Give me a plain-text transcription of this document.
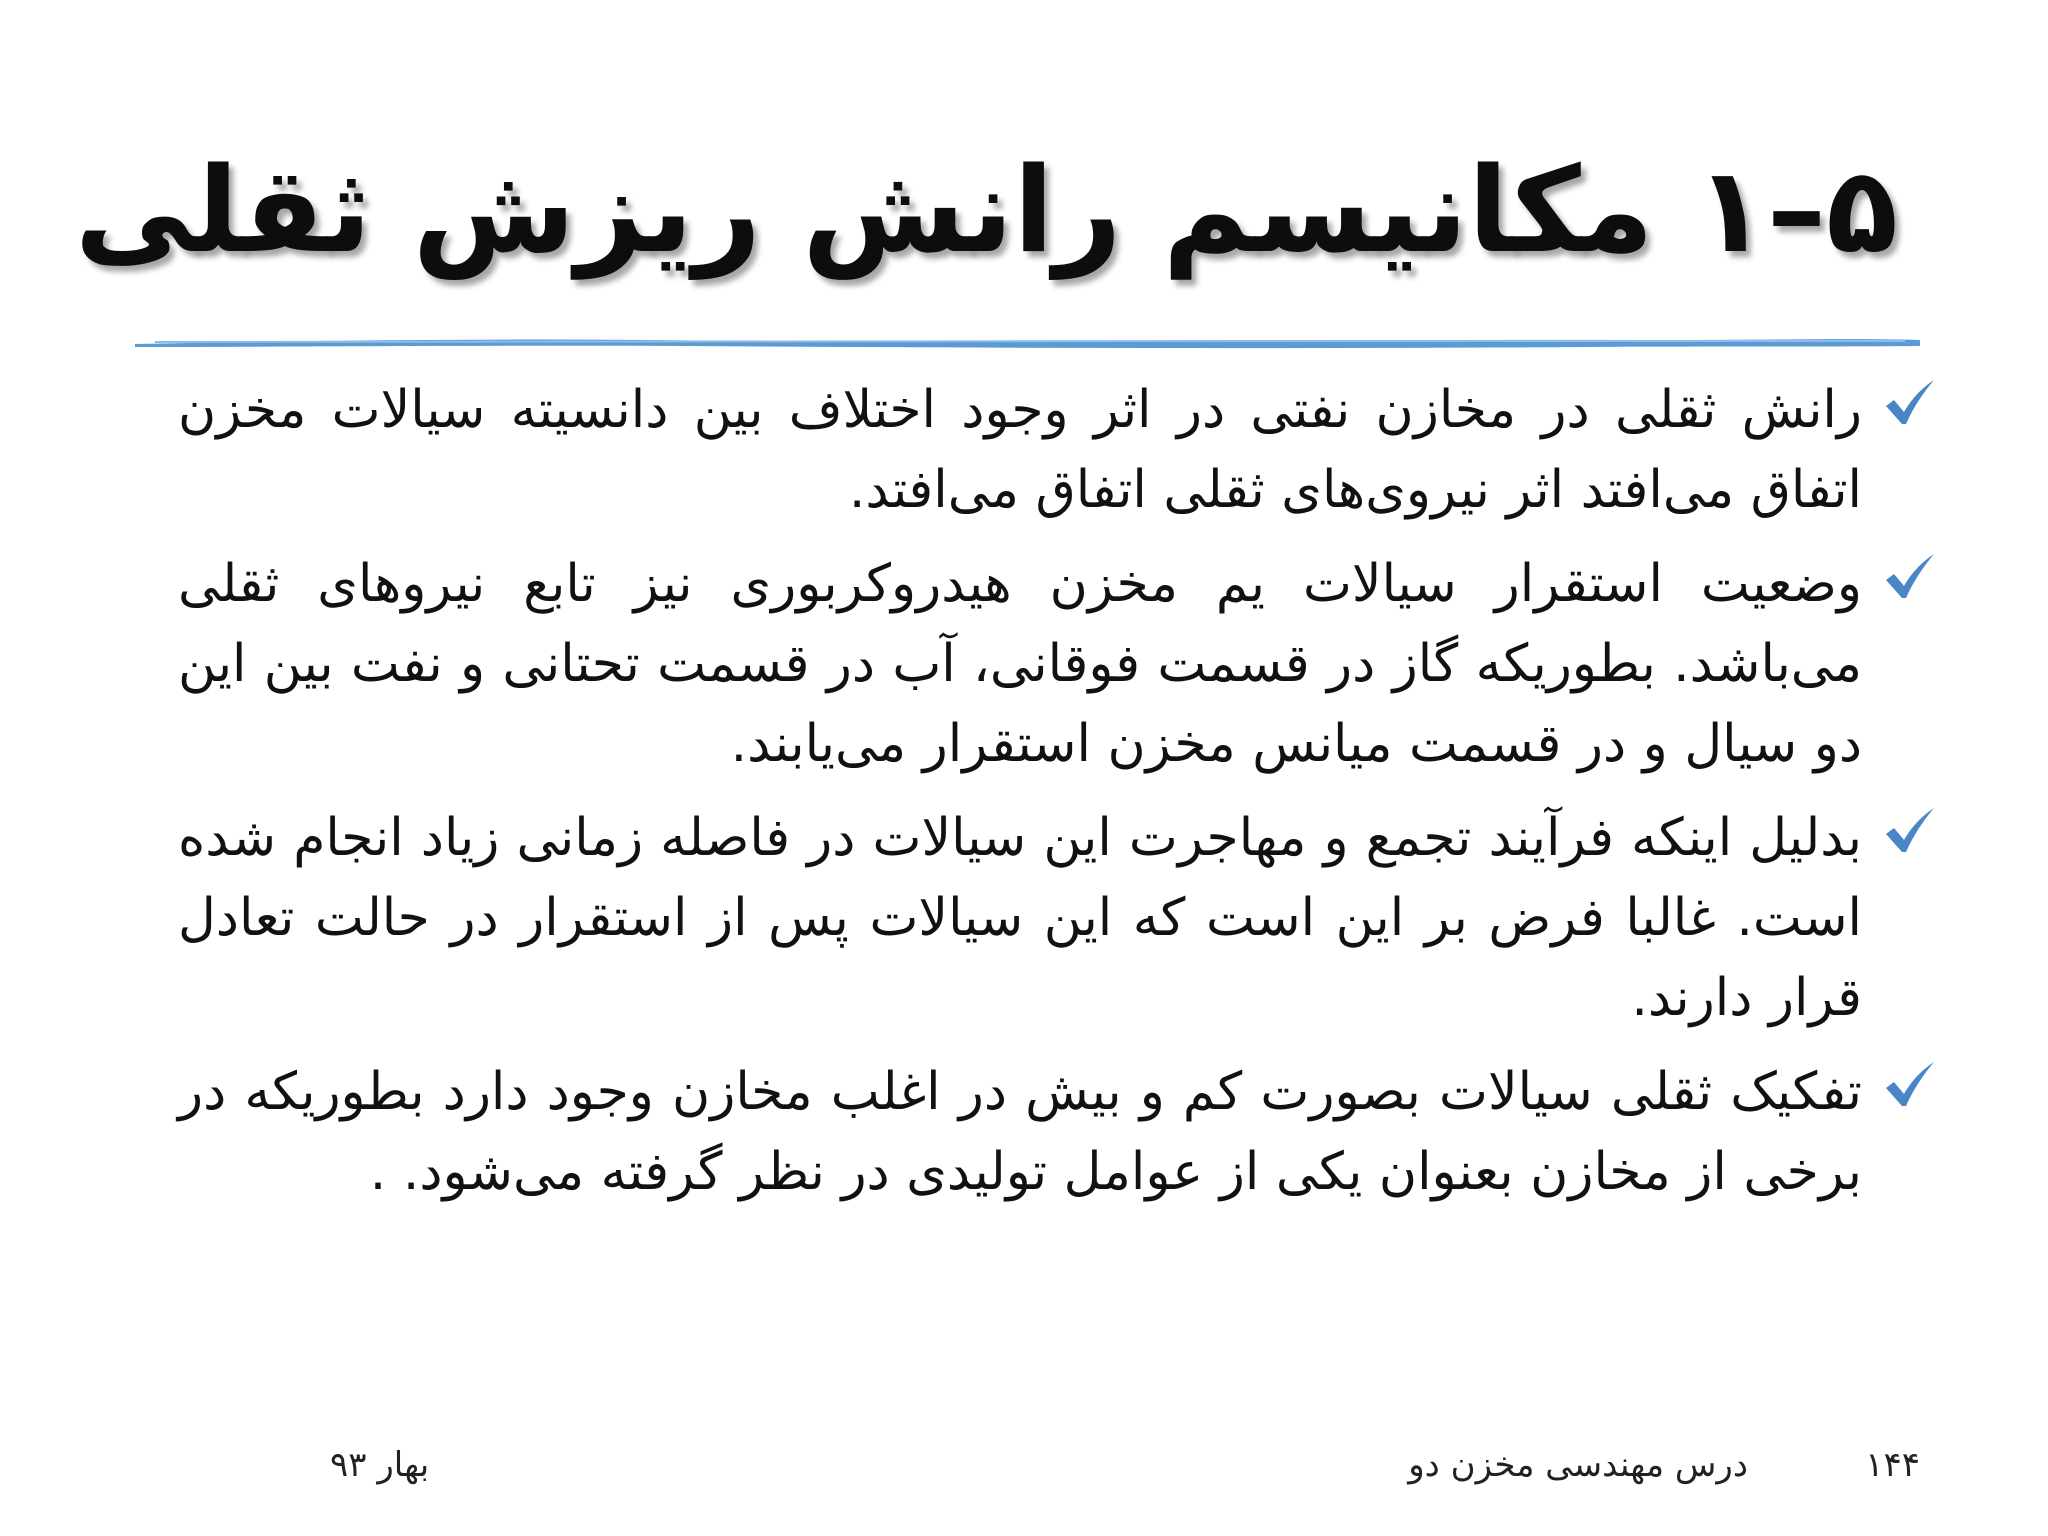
۵–۱ مکانیسم رانش ریزش ثقلی
رانش ثقلی در مخازن نفتی در اثر وجود اختلاف بین دانسیته سیالات مخزن اتفاق می‌افتد اثر نیروی‌های ثقلی اتفاق می‌افتد.
وضعیت استقرار سیالات یم مخزن هیدروکربوری نیز تابع نیروهای ثقلی می‌باشد. بطوریکه گاز در قسمت فوقانی، آب در قسمت تحتانی و نفت بین این دو سیال و در قسمت میانس مخزن استقرار می‌یابند.
بدلیل اینکه فرآیند تجمع و مهاجرت این سیالات در فاصله زمانی زیاد انجام شده است. غالبا فرض بر این است که این سیالات پس از استقرار در حالت تعادل قرار دارند.
تفکیک ثقلی سیالات بصورت کم و بیش در اغلب مخازن وجود دارد بطوریکه در برخی از مخازن بعنوان یکی از عوامل تولیدی در نظر گرفته می‌شود. .
۱۴۴
درس مهندسی مخزن دو
بهار ۹۳
